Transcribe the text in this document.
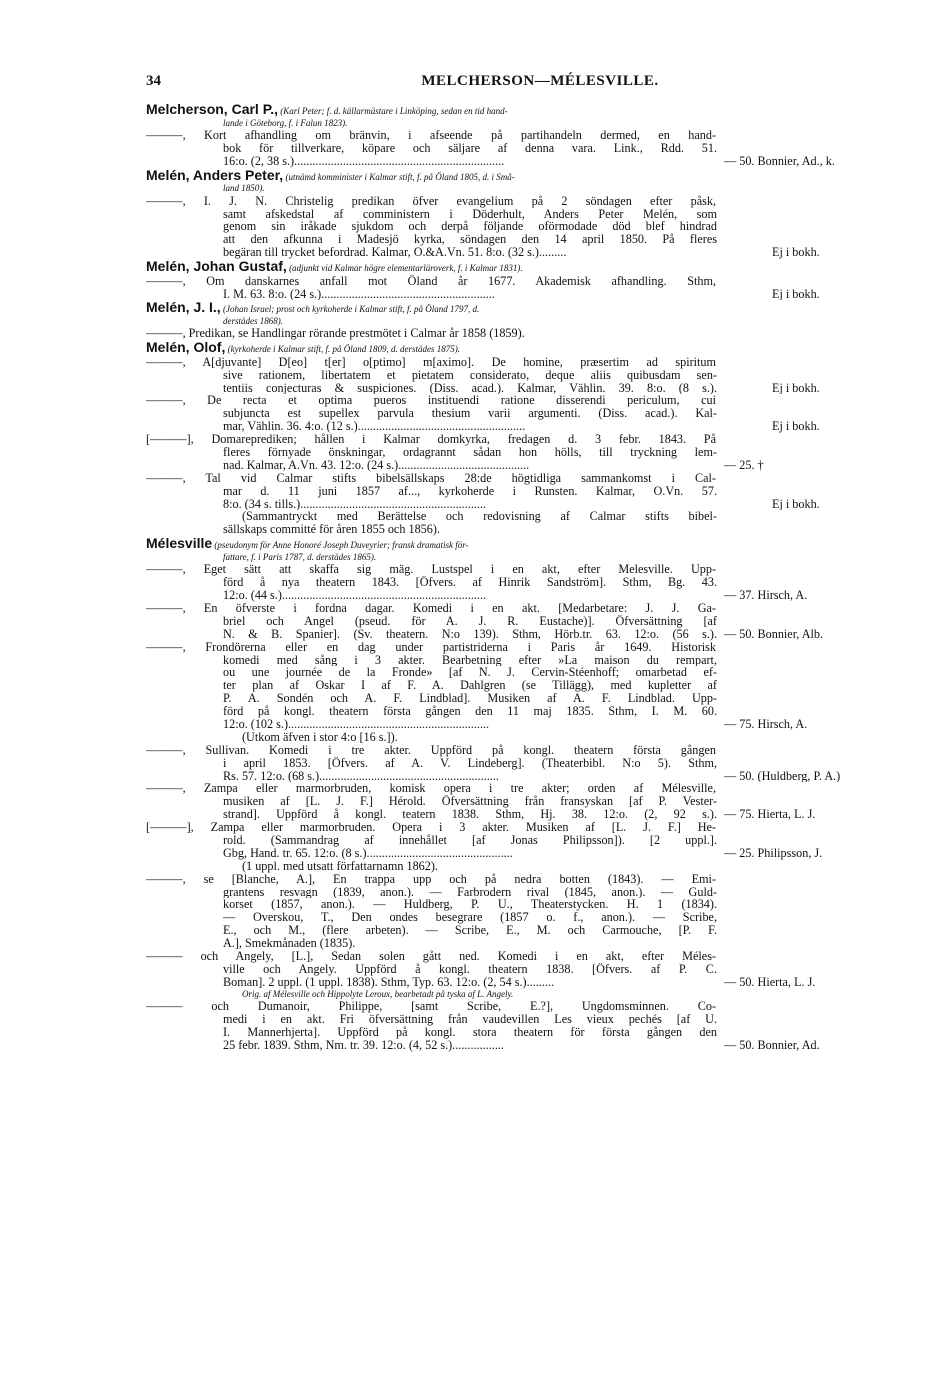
34	MELCHERSON—MÉLESVILLE.
Melcherson, Carl P., (Karl Peter; f. d. källarmästare i Linköping, sedan en tid hand-
lande i Göteborg, f. i Falun 1823).
———, Kort afhandling om bränvin, i afseende på partihandeln dermed, en hand-
bok för tillverkare, köpare och säljare af denna vara. Link., Rdd. 51.
16:o. (2, 38 s.).....................................................................	— 50. Bonnier, Ad., k.
Melén, Anders Peter, (utnämd komminister i Kalmar stift, f. på Öland 1805, d. i Små-
land 1850).
———, I. J. N. Christelig predikan öfver evangelium på 2 söndagen efter påsk,
samt afskedstal af comministern i Döderhult, Anders Peter Melén, som
genom sin iråkade sjukdom och derpå följande oförmodade död blef hindrad
att den afkunna i Madesjö kyrka, söndagen den 14 april 1850. På fleres
begäran till trycket befordrad. Kalmar, O.&A.Vn. 51. 8:o. (32 s.).........	Ej i bokh.
Melén, Johan Gustaf, (adjunkt vid Kalmar högre elementarläroverk, f. i Kalmar 1831).
———, Om danskarnes anfall mot Öland år 1677. Akademisk afhandling. Sthm,
I. M. 63. 8:o. (24 s.).........................................................	Ej i bokh.
Melén, J. I., (Johan Israel; prost och kyrkoherde i Kalmar stift, f. på Öland 1797, d.
derstädes 1868).
———, Predikan, se Handlingar rörande prestmötet i Calmar år 1858 (1859).
Melén, Olof, (kyrkoherde i Kalmar stift, f. på Öland 1809, d. derstädes 1875).
———, A[djuvante] D[eo] t[er] o[ptimo] m[aximo]. De homine, præsertim ad spiritum
sive rationem, libertatem et pietatem considerato, deque aliis quibusdam sen-
tentiis conjecturas & suspiciones. (Diss. acad.). Kalmar, Vählin. 39. 8:o. (8 s.).	Ej i bokh.
———, De recta et optima pueros instituendi ratione disserendi periculum, cui
subjuncta est supellex parvula thesium varii argumenti. (Diss. acad.). Kal-
mar, Vählin. 36. 4:o. (12 s.).......................................................	Ej i bokh.
[———], Domareprediken; hållen i Kalmar domkyrka, fredagen d. 3 febr. 1843. På
fleres förnyade önskningar, ordagrannt sådan hon hölls, till tryckning lem-
nad. Kalmar, A.Vn. 43. 12:o. (24 s.)...........................................	— 25. †
———, Tal vid Calmar stifts bibelsällskaps 28:de högtidliga sammankomst i Cal-
mar d. 11 juni 1857 af..., kyrkoherde i Runsten. Kalmar, O.Vn. 57.
8:o. (34 s. tills.).............................................................	Ej i bokh.
(Sammantryckt med Berättelse och redovisning af Calmar stifts bibel-
sällskaps committé för åren 1855 och 1856).
Mélesville (pseudonym för Anne Honoré Joseph Duveyrier; fransk dramatisk för-
fattare, f. i Paris 1787, d. derstädes 1865).
———, Eget sätt att skaffa sig mäg. Lustspel i en akt, efter Melesville. Upp-
förd å nya theatern 1843. [Öfvers. af Hinrik Sandström]. Sthm, Bg. 43.
12:o. (44 s.)...................................................................	— 37. Hirsch, A.
———, En öfverste i fordna dagar. Komedi i en akt. [Medarbetare: J. J. Ga-
briel och Angel (pseud. för A. J. R. Eustache)]. Öfversättning [af
N. & B. Spanier]. (Sv. theatern. N:o 139). Sthm, Hörb.tr. 63. 12:o. (56 s.). — 50. Bonnier, Alb.
———, Frondörerna eller en dag under partistriderna i Paris år 1649. Historisk
komedi med sång i 3 akter. Bearbetning efter »La maison du rempart,
ou une journée de la Fronde» [af N. J. Cervin-Stéenhoff; omarbetad ef-
ter plan af Oskar I af F. A. Dahlgren (se Tillägg), med kupletter af
P. A. Sondén och A. F. Lindblad]. Musiken af A. F. Lindblad. Upp-
förd på kongl. theatern första gången den 11 maj 1835. Sthm, I. M. 60.
12:o. (102 s.)..................................................................	— 75. Hirsch, A.
(Utkom äfven i stor 4:o [16 s.]).
———, Sullivan. Komedi i tre akter. Uppförd på kongl. theatern första gången
i april 1853. [Öfvers. af A. V. Lindeberg]. (Theaterbibl. N:o 5). Sthm,
Rs. 57. 12:o. (68 s.)...........................................................	— 50. (Huldberg, P. A.)
———, Zampa eller marmorbruden, komisk opera i tre akter; orden af Mélesville,
musiken af [L. J. F.] Hérold. Öfversättning från fransyskan [af P. Vester-
strand]. Uppförd å kongl. teatern 1838. Sthm, Hj. 38. 12:o. (2, 92 s.). — 75. Hierta, L. J.
[———], Zampa eller marmorbruden. Opera i 3 akter. Musiken af [L. J. F.] He-
rold. (Sammandrag af innehållet [af Jonas Philipsson]). [2 uppl.].
Gbg, Hand. tr. 65. 12:o. (8 s.)................................................	— 25. Philipsson, J.
(1 uppl. med utsatt författarnamn 1862).
———, se [Blanche, A.], En trappa upp och på nedra botten (1843). — Emi-
grantens resvagn (1839, anon.). — Farbrodern rival (1845, anon.). — Guld-
korset (1857, anon.). — Huldberg, P. U., Theaterstycken. H. 1 (1834).
— Overskou, T., Den ondes besegrare (1857 o. f., anon.). — Scribe,
E., och M., (flere arbeten). — Scribe, E., M. och Carmouche, [P. F.
A.], Smekmånaden (1835).
——— och Angely, [L.], Sedan solen gått ned. Komedi i en akt, efter Méles-
ville och Angely. Uppförd å kongl. theatern 1838. [Öfvers. af P. C.
Boman]. 2 uppl. (1 uppl. 1838). Sthm, Typ. 63. 12:o. (2, 54 s.).........	— 50. Hierta, L. J.
Orig. af Mélesville och Hippolyte Leroux, bearbetadt på tyska af L. Angely.
——— och Dumanoir, Philippe, [samt Scribe, E.?], Ungdomsminnen. Co-
medi i en akt. Fri öfversättning från vaudevillen Les vieux pechés [af U.
I. Mannerhjerta]. Uppförd på kongl. stora theatern för första gången den
25 febr. 1839. Sthm, Nm. tr. 39. 12:o. (4, 52 s.).................	— 50. Bonnier, Ad.
